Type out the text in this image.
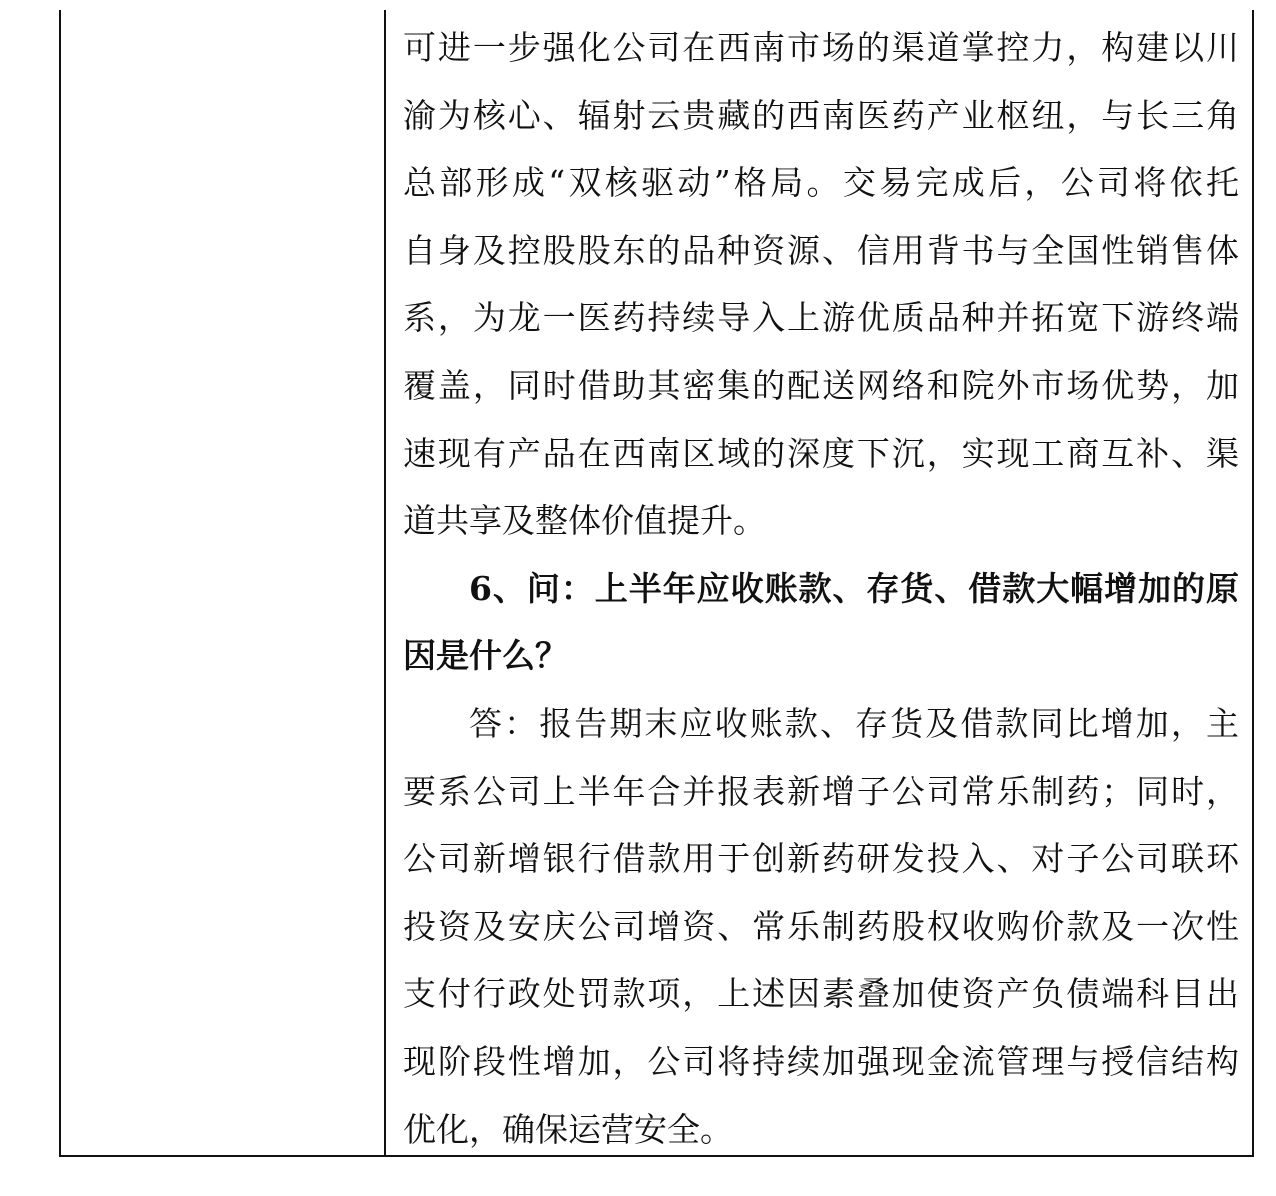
可进一步强化公司在西南市场的渠道掌控力，构建以川
渝为核心、辐射云贵藏的西南医药产业枢纽，与长三角
总部形成“双核驱动”格局。交易完成后，公司将依托
自身及控股股东的品种资源、信用背书与全国性销售体
系，为龙一医药持续导入上游优质品种并拓宽下游终端
覆盖，同时借助其密集的配送网络和院外市场优势，加
速现有产品在西南区域的深度下沉，实现工商互补、渠
道共享及整体价值提升。
6、问：上半年应收账款、存货、借款大幅增加的原
因是什么？
答：报告期末应收账款、存货及借款同比增加，主
要系公司上半年合并报表新增子公司常乐制药；同时，
公司新增银行借款用于创新药研发投入、对子公司联环
投资及安庆公司增资、常乐制药股权收购价款及一次性
支付行政处罚款项，上述因素叠加使资产负债端科目出
现阶段性增加，公司将持续加强现金流管理与授信结构
优化，确保运营安全。
